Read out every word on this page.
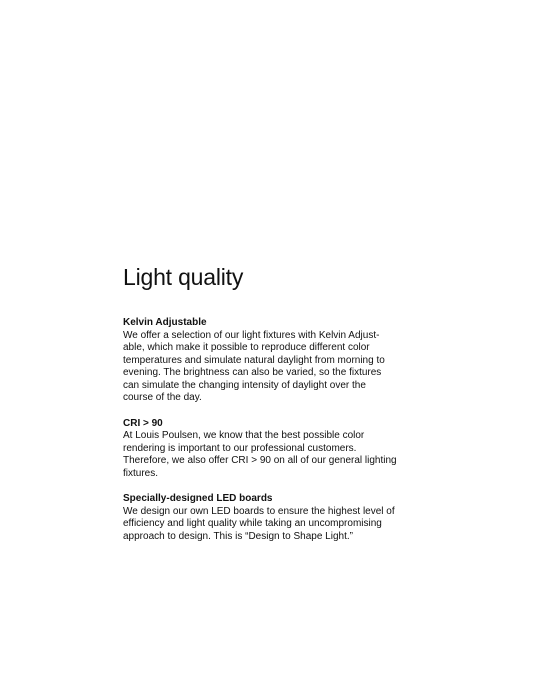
Light quality
Kelvin Adjustable

We offer a selection of our light fixtures with Kelvin Adjust-
able, which make it possible to reproduce different color
temperatures and simulate natural daylight from morning to
evening. The brightness can also be varied, so the fixtures
can simulate the changing intensity of daylight over the
course of the day.

CRI > 90

At Louis Poulsen, we know that the best possible color
rendering is important to our professional customers.
Therefore, we also offer CRI > 90 on all of our general lighting
fixtures.

Specially-designed LED boards

We design our own LED boards to ensure the highest level of
efficiency and light quality while taking an uncompromising
approach to design. This is “Design to Shape Light.”
